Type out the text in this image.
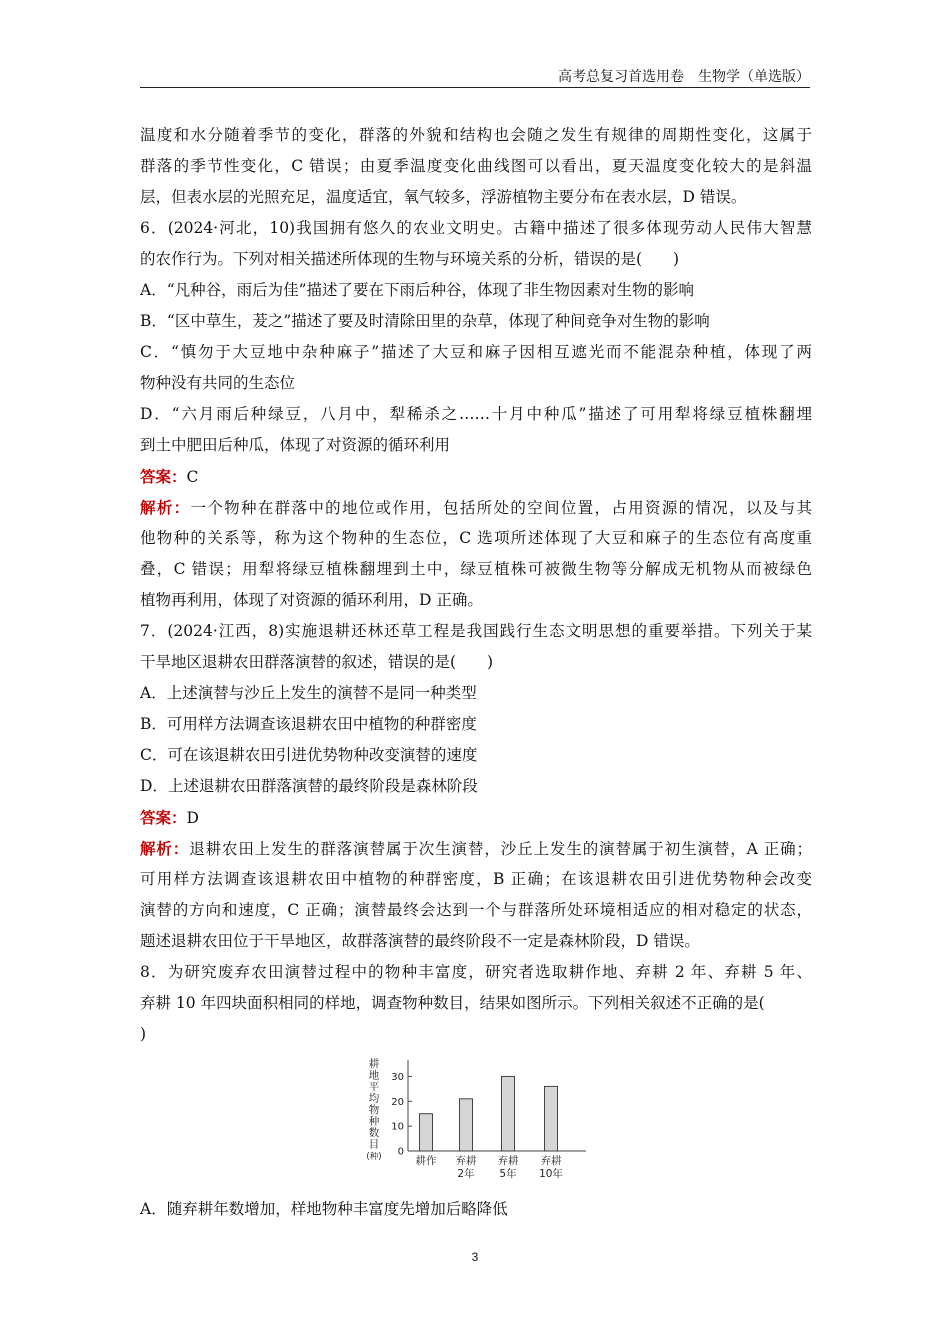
高考总复习首选用卷　生物学（单选版）
温度和水分随着季节的变化，群落的外貌和结构也会随之发生有规律的周期性变化，这属于
群落的季节性变化，C 错误；由夏季温度变化曲线图可以看出，夏天温度变化较大的是斜温
层，但表水层的光照充足，温度适宜，氧气较多，浮游植物主要分布在表水层，D 错误。
6．(2024·河北，10)我国拥有悠久的农业文明史。古籍中描述了很多体现劳动人民伟大智慧
的农作行为。下列对相关描述所体现的生物与环境关系的分析，错误的是(　　)
A．“凡种谷，雨后为佳”描述了要在下雨后种谷，体现了非生物因素对生物的影响
B．“区中草生，茇之”描述了要及时清除田里的杂草，体现了种间竞争对生物的影响
C．“慎勿于大豆地中杂种麻子”描述了大豆和麻子因相互遮光而不能混杂种植，体现了两
物种没有共同的生态位
D．“六月雨后种绿豆，八月中，犁稀杀之……十月中种瓜”描述了可用犁将绿豆植株翻埋
到土中肥田后种瓜，体现了对资源的循环利用
答案：C
解析：一个物种在群落中的地位或作用，包括所处的空间位置，占用资源的情况，以及与其
他物种的关系等，称为这个物种的生态位，C 选项所述体现了大豆和麻子的生态位有高度重
叠，C 错误；用犁将绿豆植株翻埋到土中，绿豆植株可被微生物等分解成无机物从而被绿色
植物再利用，体现了对资源的循环利用，D 正确。
7．(2024·江西，8)实施退耕还林还草工程是我国践行生态文明思想的重要举措。下列关于某
干旱地区退耕农田群落演替的叙述，错误的是(　　)
A．上述演替与沙丘上发生的演替不是同一种类型
B．可用样方法调查该退耕农田中植物的种群密度
C．可在该退耕农田引进优势物种改变演替的速度
D．上述退耕农田群落演替的最终阶段是森林阶段
答案：D
解析：退耕农田上发生的群落演替属于次生演替，沙丘上发生的演替属于初生演替，A 正确；
可用样方法调查该退耕农田中植物的种群密度，B 正确；在该退耕农田引进优势物种会改变
演替的方向和速度，C 正确；演替最终会达到一个与群落所处环境相适应的相对稳定的状态，
题述退耕农田位于干旱地区，故群落演替的最终阶段不一定是森林阶段，D 错误。
8．为研究废弃农田演替过程中的物种丰富度，研究者选取耕作地、弃耕 2 年、弃耕 5 年、
弃耕 10 年四块面积相同的样地，调查物种数目，结果如图所示。下列相关叙述不正确的是(
)
耕
地
平
均
物
种
数
目
(种) 0
10
20
30
耕作 弃耕
2年
弃耕
5年
弃耕
10年
A．随弃耕年数增加，样地物种丰富度先增加后略降低
3
